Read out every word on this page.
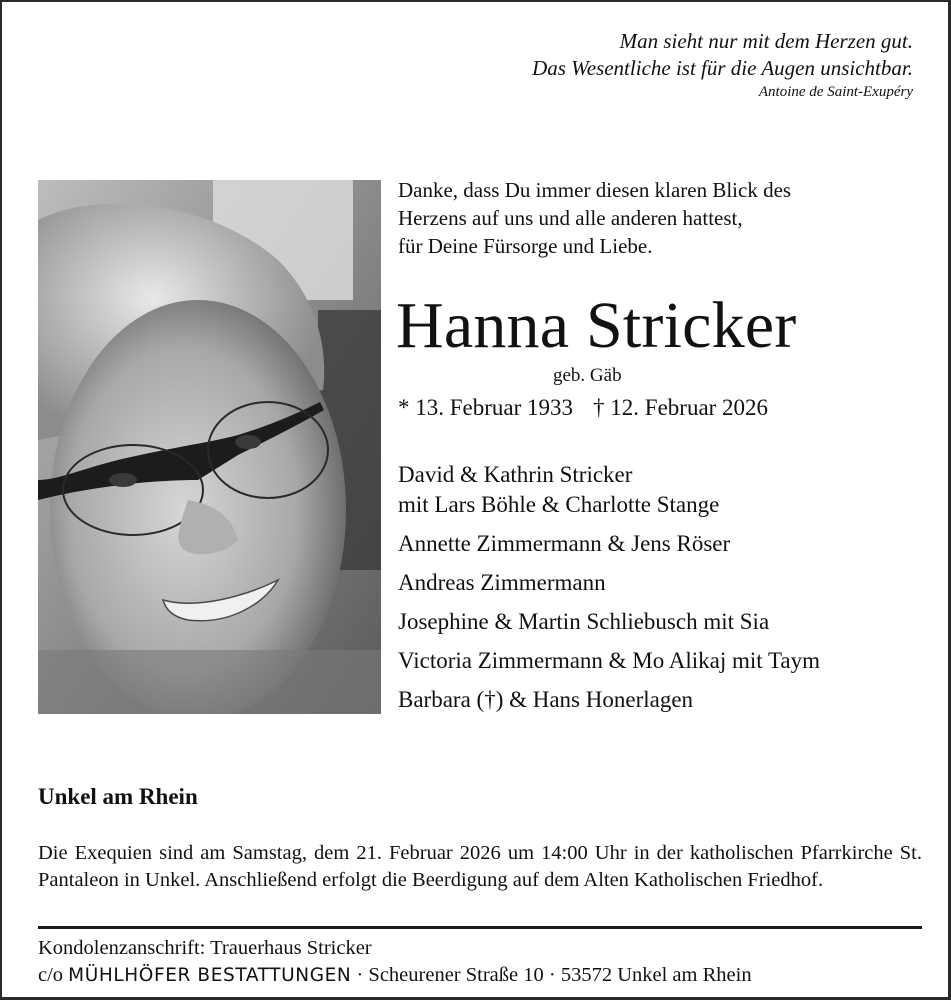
Man sieht nur mit dem Herzen gut.
Das Wesentliche ist für die Augen unsichtbar.
Antoine de Saint-Exupéry
Danke, dass Du immer diesen klaren Blick des
Herzens auf uns und alle anderen hattest,
für Deine Fürsorge und Liebe.
Hanna Stricker
geb. Gäb
* 13. Februar 1933 † 12. Februar 2026
David & Kathrin Stricker
mit Lars Böhle & Charlotte Stange
Annette Zimmermann & Jens Röser
Andreas Zimmermann
Josephine & Martin Schliebusch mit Sia
Victoria Zimmermann & Mo Alikaj mit Taym
Barbara (†) & Hans Honerlagen
Unkel am Rhein
Die Exequien sind am Samstag, dem 21. Februar 2026 um 14:00 Uhr in der katholischen Pfarrkirche St. Pantaleon in Unkel. Anschließend erfolgt die Beerdigung auf dem Alten Katholischen Friedhof.
Kondolenzanschrift: Trauerhaus Stricker
c/o MÜHLHÖFER BESTATTUNGEN · Scheurener Straße 10 · 53572 Unkel am Rhein
